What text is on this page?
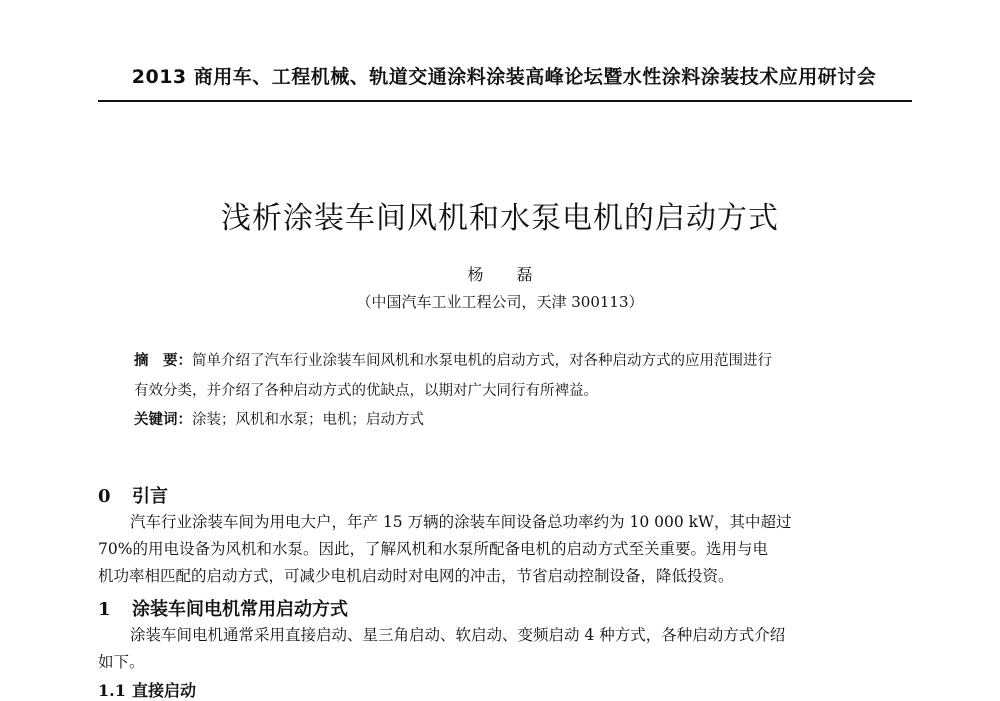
2013 商用车、工程机械、轨道交通涂料涂装高峰论坛暨水性涂料涂装技术应用研讨会
浅析涂装车间风机和水泵电机的启动方式
杨 磊
（中国汽车工业工程公司，天津 300113）
摘　要：简单介绍了汽车行业涂装车间风机和水泵电机的启动方式，对各种启动方式的应用范围进行
有效分类，并介绍了各种启动方式的优缺点，以期对广大同行有所裨益。
关键词：涂装；风机和水泵；电机；启动方式
0 引言
汽车行业涂装车间为用电大户，年产 15 万辆的涂装车间设备总功率约为 10 000 kW，其中超过
70%的用电设备为风机和水泵。因此，了解风机和水泵所配备电机的启动方式至关重要。选用与电
机功率相匹配的启动方式，可减少电机启动时对电网的冲击，节省启动控制设备，降低投资。
1 涂装车间电机常用启动方式
涂装车间电机通常采用直接启动、星三角启动、软启动、变频启动 4 种方式，各种启动方式介绍
如下。
1.1 直接启动
